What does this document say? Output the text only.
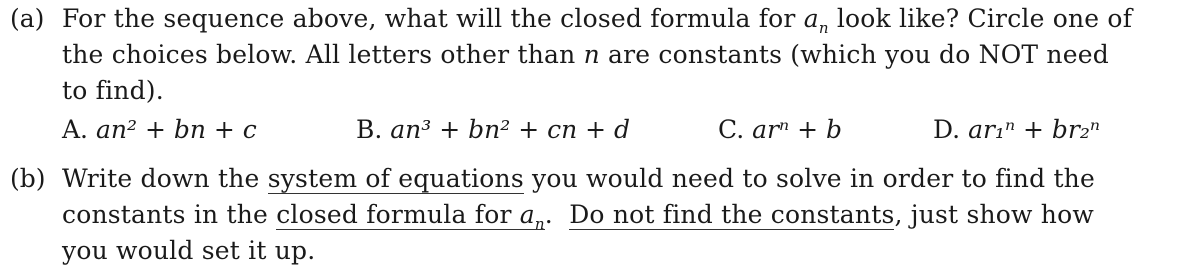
(a) For the sequence above, what will the closed formula for $a_n$ look like? Circle one of
the choices below. All letters other than n are constants (which you do NOT need
to find).
A. an² + bn + c	B. an³ + bn² + cn + d	C. arⁿ + b	D. ar₁ⁿ + br₂ⁿ
(b) Write down the system of equations you would need to solve in order to find the
constants in the closed formula for $a_n$. Do not find the constants, just show how
you would set it up.
